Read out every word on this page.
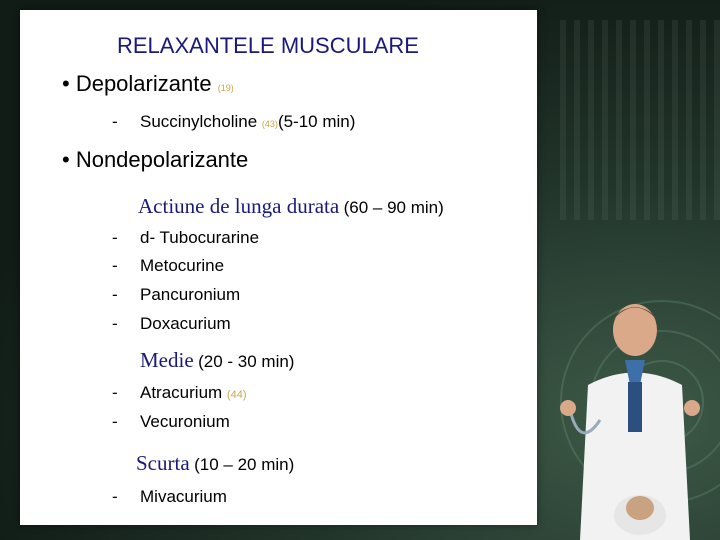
RELAXANTELE MUSCULARE
• Depolarizante (19)
- Succinylcholine (43)(5-10 min)
• Nondepolarizante
Actiune de lunga durata (60 – 90 min)
- d- Tubocurarine
- Metocurine
- Pancuronium
- Doxacurium
Medie (20 - 30 min)
- Atracurium (44)
- Vecuronium
Scurta (10 – 20 min)
- Mivacurium
